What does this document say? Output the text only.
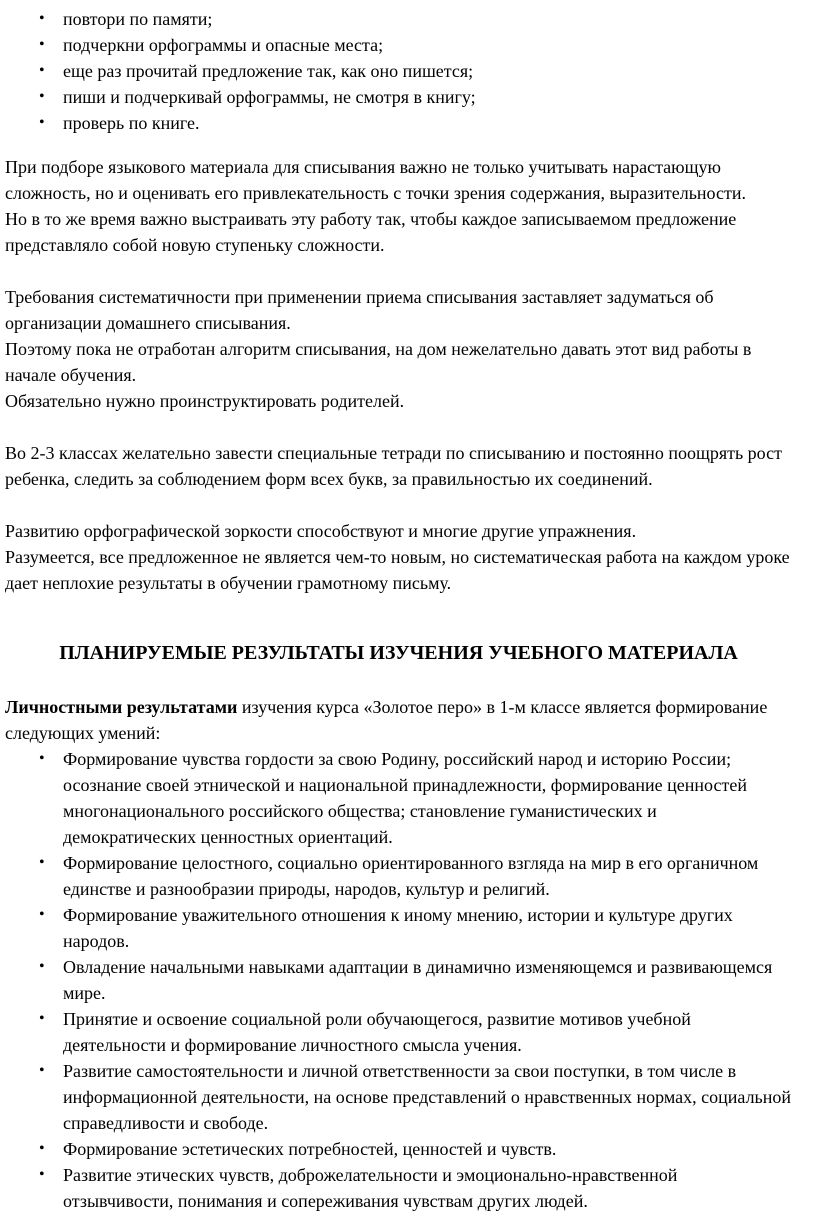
• повтори по памяти;
• подчеркни орфограммы и опасные места;
• еще раз прочитай предложение так, как оно пишется;
• пиши и подчеркивай орфограммы, не смотря в книгу;
• проверь по книге.

При подборе языкового материала для списывания важно не только учитывать нарастающую сложность, но и оценивать его привлекательность с точки зрения содержания, выразительности.

Но в то же время важно выстраивать эту работу так, чтобы каждое записываемом предложение представляло собой новую ступеньку сложности.

Требования систематичности при применении приема списывания заставляет задуматься об организации домашнего списывания.

Поэтому пока не отработан алгоритм списывания, на дом нежелательно давать этот вид работы в начале обучения.

Обязательно нужно проинструктировать родителей.

Во 2-3 классах желательно завести специальные тетради по списыванию и постоянно поощрять рост ребенка, следить за соблюдением форм всех букв, за правильностью их соединений.

Развитию орфографической зоркости способствуют и многие другие упражнения.

Разумеется, все предложенное не является чем-то новым, но систематическая работа на каждом уроке дает неплохие результаты в обучении грамотному письму.

ПЛАНИРУЕМЫЕ РЕЗУЛЬТАТЫ ИЗУЧЕНИЯ УЧЕБНОГО МАТЕРИАЛА

Личностными результатами изучения курса «Золотое перо» в 1-м классе является формирование следующих умений:

• Формирование чувства гордости за свою Родину, российский народ и историю России; осознание своей этнической и национальной принадлежности, формирование ценностей многонационального российского общества; становление гуманистических и демократических ценностных ориентаций.
• Формирование целостного, социально ориентированного взгляда на мир в его органичном единстве и разнообразии природы, народов, культур и религий.
• Формирование уважительного отношения к иному мнению, истории и культуре других народов.
• Овладение начальными навыками адаптации в динамично изменяющемся и развивающемся мире.
• Принятие и освоение социальной роли обучающегося, развитие мотивов учебной деятельности и формирование личностного смысла учения.
• Развитие самостоятельности и личной ответственности за свои поступки, в том числе в информационной деятельности, на основе представлений о нравственных нормах, социальной справедливости и свободе.
• Формирование эстетических потребностей, ценностей и чувств.
• Развитие этических чувств, доброжелательности и эмоционально-нравственной отзывчивости, понимания и сопереживания чувствам других людей.
